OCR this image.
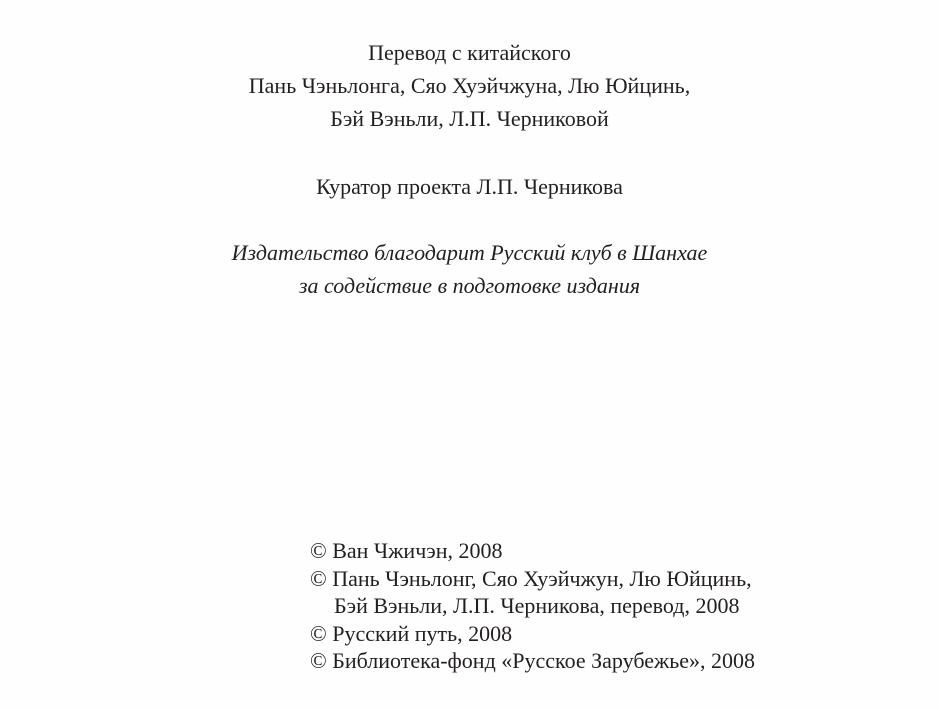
Перевод с китайского
Пань Чэньлонга, Сяо Хуэйчжуна, Лю Юйцинь,
Бэй Вэньли, Л.П. Черниковой
Куратор проекта Л.П. Черникова
Издательство благодарит Русский клуб в Шанхае
за содействие в подготовке издания

© Ван Чжичэн, 2008
© Пань Чэньлонг, Сяо Хуэйчжун, Лю Юйцинь,
Бэй Вэньли, Л.П. Черникова, перевод, 2008
© Русский путь, 2008
© Библиотека-фонд «Русское Зарубежье», 2008
